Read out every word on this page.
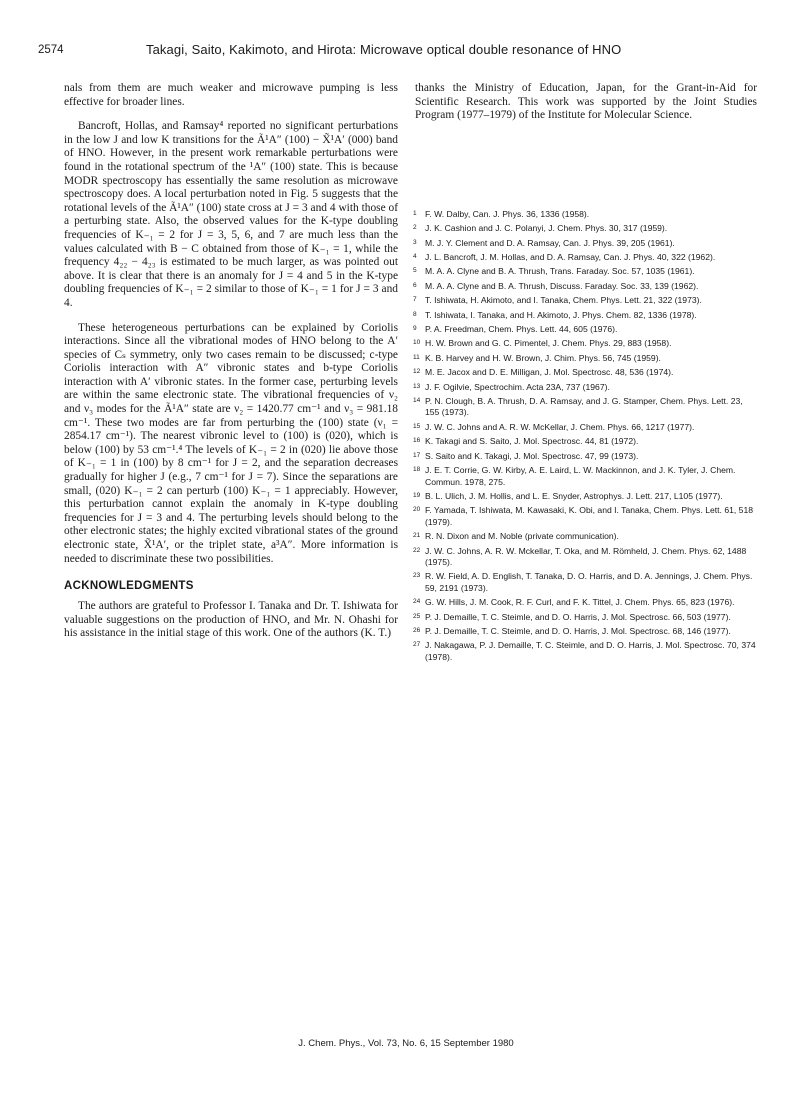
2574	Takagi, Saito, Kakimoto, and Hirota: Microwave optical double resonance of HNO

nals from them are much weaker and microwave pumping is less effective for broader lines.

Bancroft, Hollas, and Ramsay⁴ reported no significant perturbations in the low J and low K transitions for the Ã¹A″ (100) − X̃¹A′ (000) band of HNO. However, in the present work remarkable perturbations were found in the rotational spectrum of the ¹A″ (100) state. This is because MODR spectroscopy has essentially the same resolution as microwave spectroscopy does. A local perturbation noted in Fig. 5 suggests that the rotational levels of the Ã¹A″ (100) state cross at J = 3 and 4 with those of a perturbing state. Also, the observed values for the K-type doubling frequencies of K₋₁ = 2 for J = 3, 5, 6, and 7 are much less than the values calculated with B − C obtained from those of K₋₁ = 1, while the frequency 4₂₂ − 4₂₃ is estimated to be much larger, as was pointed out above. It is clear that there is an anomaly for J = 4 and 5 in the K-type doubling frequencies of K₋₁ = 2 similar to those of K₋₁ = 1 for J = 3 and 4.

These heterogeneous perturbations can be explained by Coriolis interactions. Since all the vibrational modes of HNO belong to the A′ species of Cₛ symmetry, only two cases remain to be discussed; c-type Coriolis interaction with A″ vibronic states and b-type Coriolis interaction with A′ vibronic states. In the former case, perturbing levels are within the same electronic state. The vibrational frequencies of ν₂ and ν₃ modes for the Ã¹A″ state are ν₂ = 1420.77 cm⁻¹ and ν₃ = 981.18 cm⁻¹. These two modes are far from perturbing the (100) state (ν₁ = 2854.17 cm⁻¹). The nearest vibronic level to (100) is (020), which is below (100) by 53 cm⁻¹.⁴ The levels of K₋₁ = 2 in (020) lie above those of K₋₁ = 1 in (100) by 8 cm⁻¹ for J = 2, and the separation decreases gradually for higher J (e.g., 7 cm⁻¹ for J = 7). Since the separations are small, (020) K₋₁ = 2 can perturb (100) K₋₁ = 1 appreciably. However, this perturbation cannot explain the anomaly in K-type doubling frequencies for J = 3 and 4. The perturbing levels should belong to the other electronic states; the highly excited vibrational states of the ground electronic state, X̃¹A′, or the triplet state, a³A″. More information is needed to discriminate these two possibilities.

ACKNOWLEDGMENTS

The authors are grateful to Professor I. Tanaka and Dr. T. Ishiwata for valuable suggestions on the production of HNO, and Mr. N. Ohashi for his assistance in the initial stage of this work. One of the authors (K. T.)

thanks the Ministry of Education, Japan, for the Grant-in-Aid for Scientific Research. This work was supported by the Joint Studies Program (1977–1979) of the Institute for Molecular Science.

1 F. W. Dalby, Can. J. Phys. 36, 1336 (1958).

2 J. K. Cashion and J. C. Polanyi, J. Chem. Phys. 30, 317 (1959).

3 M. J. Y. Clement and D. A. Ramsay, Can. J. Phys. 39, 205 (1961).

4 J. L. Bancroft, J. M. Hollas, and D. A. Ramsay, Can. J. Phys. 40, 322 (1962).

5 M. A. A. Clyne and B. A. Thrush, Trans. Faraday. Soc. 57, 1035 (1961).

6 M. A. A. Clyne and B. A. Thrush, Discuss. Faraday. Soc. 33, 139 (1962).

7 T. Ishiwata, H. Akimoto, and I. Tanaka, Chem. Phys. Lett. 21, 322 (1973).

8 T. Ishiwata, I. Tanaka, and H. Akimoto, J. Phys. Chem. 82, 1336 (1978).

9 P. A. Freedman, Chem. Phys. Lett. 44, 605 (1976).

10 H. W. Brown and G. C. Pimentel, J. Chem. Phys. 29, 883 (1958).

11 K. B. Harvey and H. W. Brown, J. Chim. Phys. 56, 745 (1959).

12 M. E. Jacox and D. E. Milligan, J. Mol. Spectrosc. 48, 536 (1974).

13 J. F. Ogilvie, Spectrochim. Acta 23A, 737 (1967).

14 P. N. Clough, B. A. Thrush, D. A. Ramsay, and J. G. Stamper, Chem. Phys. Lett. 23, 155 (1973).

15 J. W. C. Johns and A. R. W. McKellar, J. Chem. Phys. 66, 1217 (1977).

16 K. Takagi and S. Saito, J. Mol. Spectrosc. 44, 81 (1972).

17 S. Saito and K. Takagi, J. Mol. Spectrosc. 47, 99 (1973).

18 J. E. T. Corrie, G. W. Kirby, A. E. Laird, L. W. Mackinnon, and J. K. Tyler, J. Chem. Commun. 1978, 275.

19 B. L. Ulich, J. M. Hollis, and L. E. Snyder, Astrophys. J. Lett. 217, L105 (1977).

20 F. Yamada, T. Ishiwata, M. Kawasaki, K. Obi, and I. Tanaka, Chem. Phys. Lett. 61, 518 (1979).

21 R. N. Dixon and M. Noble (private communication).

22 J. W. C. Johns, A. R. W. Mckellar, T. Oka, and M. Römheld, J. Chem. Phys. 62, 1488 (1975).

23 R. W. Field, A. D. English, T. Tanaka, D. O. Harris, and D. A. Jennings, J. Chem. Phys. 59, 2191 (1973).

24 G. W. Hills, J. M. Cook, R. F. Curl, and F. K. Tittel, J. Chem. Phys. 65, 823 (1976).

25 P. J. Demaille, T. C. Steimle, and D. O. Harris, J. Mol. Spectrosc. 66, 503 (1977).

26 P. J. Demaille, T. C. Steimle, and D. O. Harris, J. Mol. Spectrosc. 68, 146 (1977).

27 J. Nakagawa, P. J. Demaille, T. C. Steimle, and D. O. Harris, J. Mol. Spectrosc. 70, 374 (1978).

J. Chem. Phys., Vol. 73, No. 6, 15 September 1980
